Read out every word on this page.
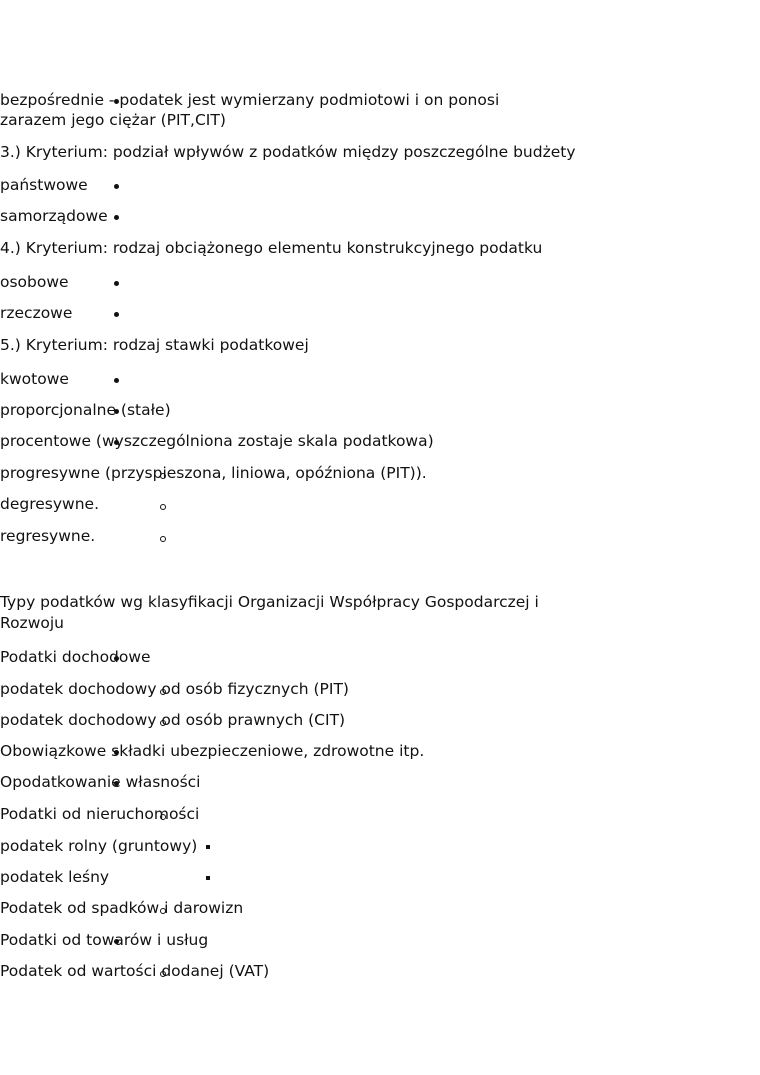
bezpośrednie - podatek jest wymierzany podmiotowi i on ponosi
zarazem jego ciężar (PIT,CIT)
3.) Kryterium: podział wpływów z podatków między poszczególne budżety
państwowe
samorządowe
4.) Kryterium: rodzaj obciążonego elementu konstrukcyjnego podatku
osobowe
rzeczowe
5.) Kryterium: rodzaj stawki podatkowej
kwotowe
proporcjonalne (stałe)
procentowe (wyszczególniona zostaje skala podatkowa)
progresywne (przyspieszona, liniowa, opóźniona (PIT)).
degresywne.
regresywne.
Typy podatków wg klasyfikacji Organizacji Współpracy Gospodarczej i
Rozwoju
Podatki dochodowe
podatek dochodowy od osób fizycznych (PIT)
podatek dochodowy od osób prawnych (CIT)
Obowiązkowe składki ubezpieczeniowe, zdrowotne itp.
Opodatkowanie własności
Podatki od nieruchomości
podatek rolny (gruntowy)
podatek leśny
Podatek od spadków i darowizn
Podatki od towarów i usług
Podatek od wartości dodanej (VAT)
